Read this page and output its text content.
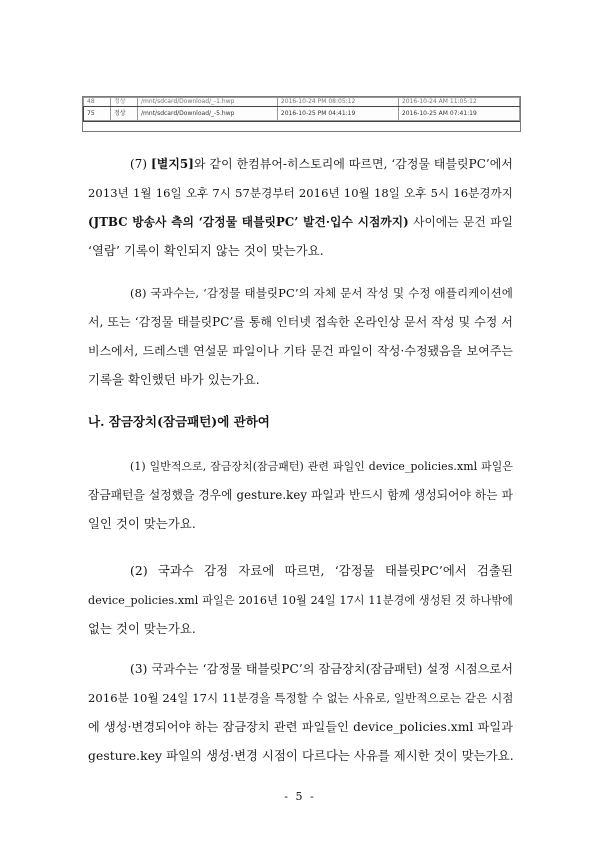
48	정상	/mnt/sdcard/Download/_-1.hwp	2016-10-24 PM 08:05:12	2016-10-24 AM 11:05:12
75	정상	/mnt/sdcard/Download/_-5.hwp	2016-10-25 PM 04:41:19	2016-10-25 AM 07:41:19

(7) [별지5]와 같이 한컴뷰어-히스토리에 따르면, ‘감정물 태블릿PC’에서
2013년 1월 16일 오후 7시 57분경부터 2016년 10월 18일 오후 5시 16분경까지
(JTBC 방송사 측의 ‘감정물 태블릿PC’ 발견·입수 시점까지) 사이에는 문건 파일
‘열람’ 기록이 확인되지 않는 것이 맞는가요.

(8) 국과수는, ‘감정물 태블릿PC’의 자체 문서 작성 및 수정 애플리케이션에
서, 또는 ‘감정물 태블릿PC’를 통해 인터넷 접속한 온라인상 문서 작성 및 수정 서
비스에서, 드레스덴 연설문 파일이나 기타 문건 파일이 작성·수정됐음을 보여주는
기록을 확인했던 바가 있는가요.

나. 잠금장치(잠금패턴)에 관하여

(1) 일반적으로, 잠금장치(잠금패턴) 관련 파일인 device_policies.xml 파일은
잠금패턴을 설정했을 경우에 gesture.key 파일과 반드시 함께 생성되어야 하는 파
일인 것이 맞는가요.

(2) 국과수 감정 자료에 따르면, ‘감정물 태블릿PC’에서 검출된
device_policies.xml 파일은 2016년 10월 24일 17시 11분경에 생성된 것 하나밖에
없는 것이 맞는가요.

(3) 국과수는 ‘감정물 태블릿PC’의 잠금장치(잠금패턴) 설정 시점으로서
2016분 10월 24일 17시 11분경을 특정할 수 없는 사유로, 일반적으로는 같은 시점
에 생성·변경되어야 하는 잠금장치 관련 파일들인 device_policies.xml 파일과
gesture.key 파일의 생성·변경 시점이 다르다는 사유를 제시한 것이 맞는가요.

- 5 -
